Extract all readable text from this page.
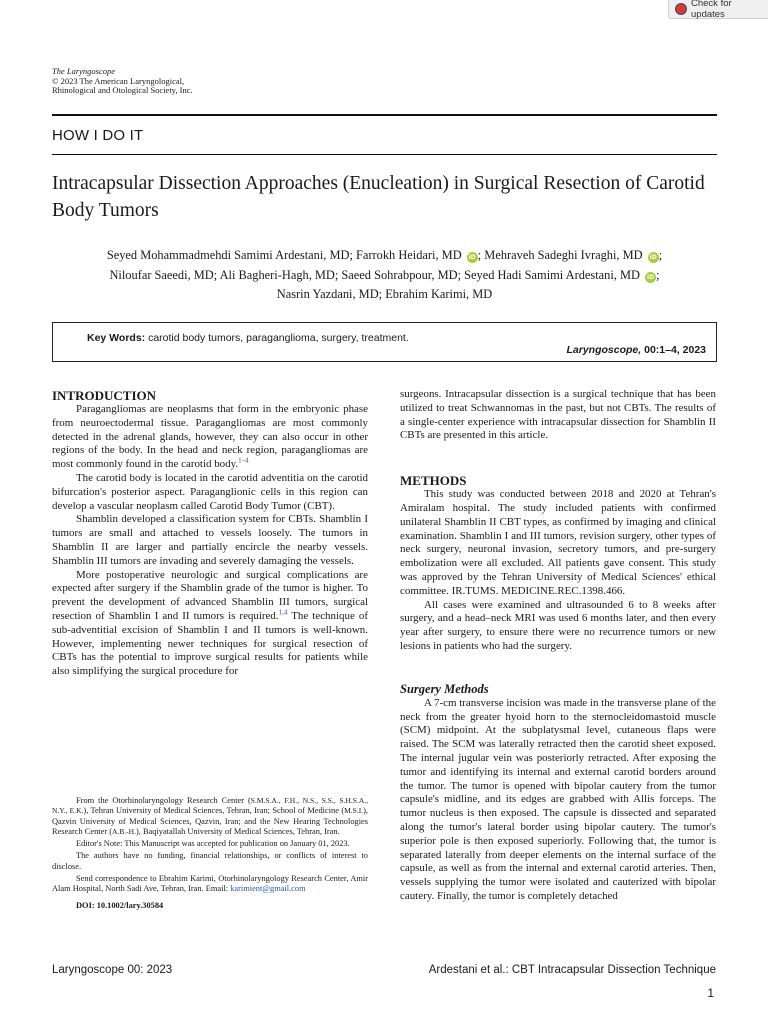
Check for updates
The Laryngoscope
© 2023 The American Laryngological,
Rhinological and Otological Society, Inc.
HOW I DO IT
Intracapsular Dissection Approaches (Enucleation) in Surgical Resection of Carotid Body Tumors
Seyed Mohammadmehdi Samimi Ardestani, MD; Farrokh Heidari, MD iD ; Mehraveh Sadeghi Ivraghi, MD iD ;
Niloufar Saeedi, MD; Ali Bagheri-Hagh, MD; Saeed Sohrabpour, MD; Seyed Hadi Samimi Ardestani, MD iD ;
Nasrin Yazdani, MD; Ebrahim Karimi, MD
Key Words: carotid body tumors, paraganglioma, surgery, treatment.
Laryngoscope, 00:1–4, 2023
INTRODUCTION

Paragangliomas are neoplasms that form in the embryonic phase from neuroectodermal tissue. Paragangliomas are most commonly detected in the adrenal glands, however, they can also occur in other regions of the body. In the head and neck region, paragangliomas are most commonly found in the carotid body.$^{1-4}$

The carotid body is located in the carotid adventitia on the carotid bifurcation's posterior aspect. Paraganglionic cells in this region can develop a vascular neoplasm called Carotid Body Tumor (CBT).

Shamblin developed a classification system for CBTs. Shamblin I tumors are small and attached to vessels loosely. The tumors in Shamblin II are larger and partially encircle the nearby vessels. Shamblin III tumors are invading and severely damaging the vessels.

More postoperative neurologic and surgical complications are expected after surgery if the Shamblin grade of the tumor is higher. To prevent the development of advanced Shamblin III tumors, surgical resection of Shamblin I and II tumors is required.$^{1,4}$ The technique of sub-adventitial excision of Shamblin I and II tumors is well-known. However, implementing newer techniques for surgical resection of CBTs has the potential to improve surgical results for patients while also simplifying the surgical procedure for

surgeons. Intracapsular dissection is a surgical technique that has been utilized to treat Schwannomas in the past, but not CBTs. The results of a single-center experience with intracapsular dissection for Shamblin II CBTs are presented in this article.

METHODS

This study was conducted between 2018 and 2020 at Tehran's Amiralam hospital. The study included patients with confirmed unilateral Shamblin II CBT types, as confirmed by imaging and clinical examination. Shamblin I and III tumors, revision surgery, other types of neck surgery, neuronal invasion, secretory tumors, and pre-surgery embolization were all excluded. All patients gave consent. This study was approved by the Tehran University of Medical Sciences' ethical committee. IR.TUMS. MEDICINE.REC.1398.466.

All cases were examined and ultrasounded 6 to 8 weeks after surgery, and a head–neck MRI was used 6 months later, and then every year after surgery, to ensure there were no recurrence tumors or new lesions in patients who had the surgery.

Surgery Methods

A 7-cm transverse incision was made in the transverse plane of the neck from the greater hyoid horn to the sternocleidomastoid muscle (SCM) midpoint. At the subplatysmal level, cutaneous flaps were raised. The SCM was laterally retracted then the carotid sheet exposed. The internal jugular vein was posteriorly retracted. After exposing the tumor and identifying its internal and external carotid borders around the tumor. The tumor is opened with bipolar cautery from the tumor capsule's midline, and its edges are grabbed with Allis forceps. The tumor nucleus is then exposed. The capsule is dissected and separated along the tumor's lateral border using bipolar cautery. The tumor's superior pole is then exposed superiorly. Following that, the tumor is separated laterally from deeper elements on the internal surface of the capsule, as well as from the internal and external carotid arteries. Then, vessels supplying the tumor were isolated and cauterized with bipolar cautery. Finally, the tumor is completely detached

From the Otorhinolaryngology Research Center (S.M.S.A., F.H., N.S., S.S., S.H.S.A., N.Y., E.K.), Tehran University of Medical Sciences, Tehran, Iran; School of Medicine (M.S.I.), Qazvin University of Medical Sciences, Qazvin, Iran; and the New Hearing Technologies Research Center (A.B.-H.), Baqiyatallah University of Medical Sciences, Tehran, Iran.

Editor's Note: This Manuscript was accepted for publication on January 01, 2023.

The authors have no funding, financial relationships, or conflicts of interest to disclose.

Send correspondence to Ebrahim Karimi, Otorhinolaryngology Research Center, Amir Alam Hospital, North Sadi Ave, Tehran, Iran. Email: karimient@gmail.com

DOI: 10.1002/lary.30584
Laryngoscope 00: 2023	Ardestani et al.: CBT Intracapsular Dissection Technique
1
